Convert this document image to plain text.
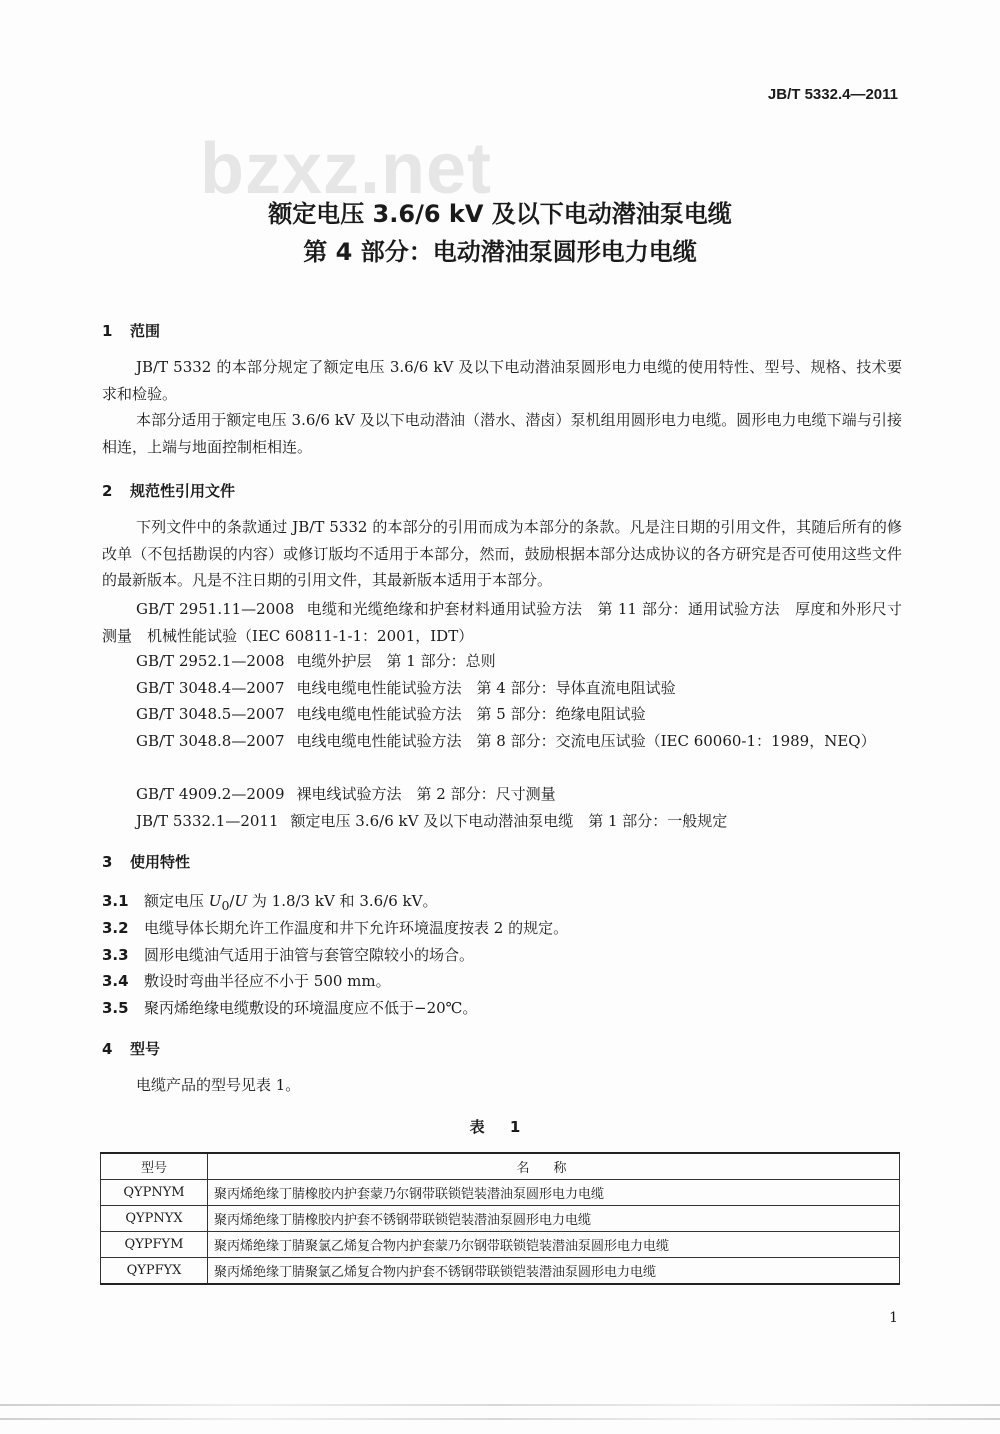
JB/T 5332.4—2011
bzxz.net
额定电压 3.6/6 kV 及以下电动潜油泵电缆
第 4 部分：电动潜油泵圆形电力电缆
1 范围

JB/T 5332 的本部分规定了额定电压 3.6/6 kV 及以下电动潜油泵圆形电力电缆的使用特性、型号、规格、技术要求和检验。

本部分适用于额定电压 3.6/6 kV 及以下电动潜油（潜水、潜卤）泵机组用圆形电力电缆。圆形电力电缆下端与引接相连，上端与地面控制柜相连。

2 规范性引用文件

下列文件中的条款通过 JB/T 5332 的本部分的引用而成为本部分的条款。凡是注日期的引用文件，其随后所有的修改单（不包括勘误的内容）或修订版均不适用于本部分，然而，鼓励根据本部分达成协议的各方研究是否可使用这些文件的最新版本。凡是不注日期的引用文件，其最新版本适用于本部分。

GB/T 2951.11—2008 电缆和光缆绝缘和护套材料通用试验方法　第 11 部分：通用试验方法　厚度和外形尺寸测量　机械性能试验（IEC 60811-1-1：2001，IDT）

GB/T 2952.1—2008 电缆外护层　第 1 部分：总则

GB/T 3048.4—2007 电线电缆电性能试验方法　第 4 部分：导体直流电阻试验

GB/T 3048.5—2007 电线电缆电性能试验方法　第 5 部分：绝缘电阻试验

GB/T 3048.8—2007 电线电缆电性能试验方法　第 8 部分：交流电压试验（IEC 60060-1：1989，NEQ）

GB/T 4909.2—2009 裸电线试验方法　第 2 部分：尺寸测量

JB/T 5332.1—2011 额定电压 3.6/6 kV 及以下电动潜油泵电缆　第 1 部分：一般规定

3 使用特性
3.1 额定电压 $U_0/U$ 为 1.8/3 kV 和 3.6/6 kV。
3.2 电缆导体长期允许工作温度和井下允许环境温度按表 2 的规定。
3.3 圆形电缆油气适用于油管与套管空隙较小的场合。
3.4 敷设时弯曲半径应不小于 500 mm。
3.5 聚丙烯绝缘电缆敷设的环境温度应不低于−20℃。
4 型号

电缆产品的型号见表 1。

表 1
型号	名称
QYPNYM	聚丙烯绝缘丁腈橡胶内护套蒙乃尔钢带联锁铠装潜油泵圆形电力电缆
QYPNYX	聚丙烯绝缘丁腈橡胶内护套不锈钢带联锁铠装潜油泵圆形电力电缆
QYPFYM	聚丙烯绝缘丁腈聚氯乙烯复合物内护套蒙乃尔钢带联锁铠装潜油泵圆形电力电缆
QYPFYX	聚丙烯绝缘丁腈聚氯乙烯复合物内护套不锈钢带联锁铠装潜油泵圆形电力电缆
1
